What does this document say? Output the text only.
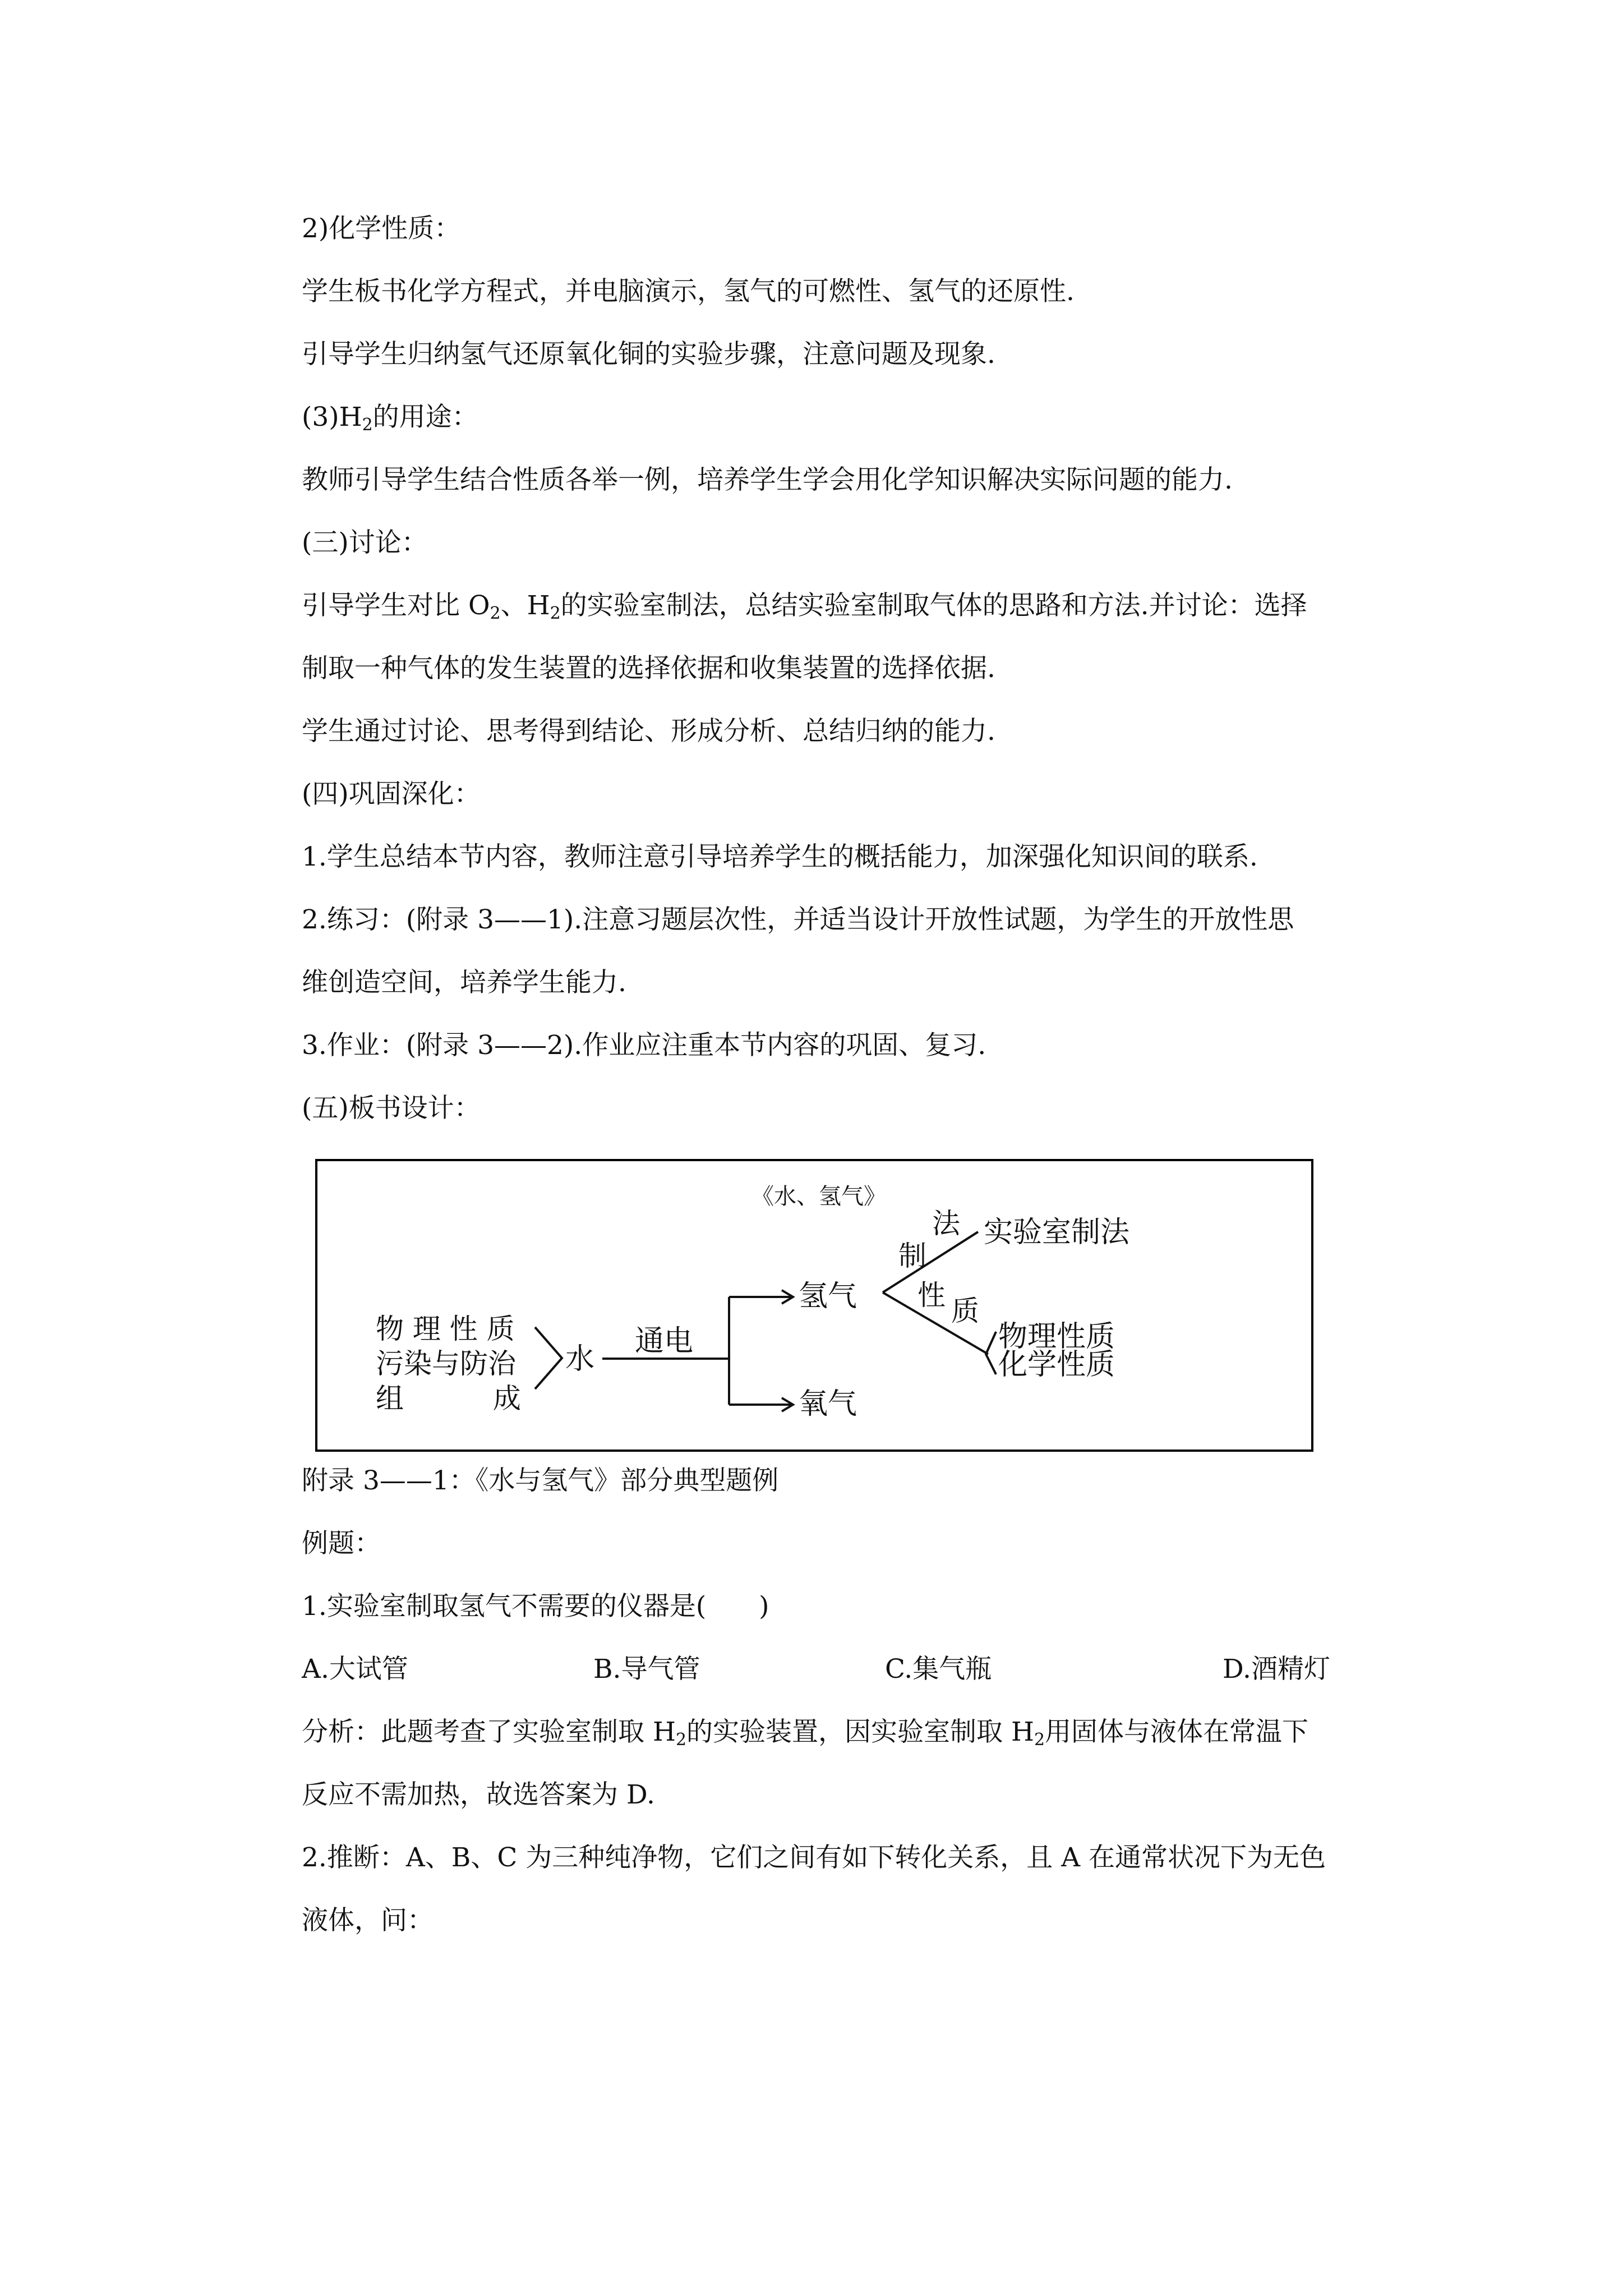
2)化学性质：
学生板书化学方程式，并电脑演示，氢气的可燃性、氢气的还原性.
引导学生归纳氢气还原氧化铜的实验步骤，注意问题及现象.
$(3)H_2$的用途：
教师引导学生结合性质各举一例，培养学生学会用化学知识解决实际问题的能力.
(三)讨论：
引导学生对比 $O_2$、$H_2$的实验室制法，总结实验室制取气体的思路和方法.并讨论：选择
制取一种气体的发生装置的选择依据和收集装置的选择依据.
学生通过讨论、思考得到结论、形成分析、总结归纳的能力.
(四)巩固深化：
1.学生总结本节内容，教师注意引导培养学生的概括能力，加深强化知识间的联系.
2.练习：(附录 3——1).注意习题层次性，并适当设计开放性试题，为学生的开放性思
维创造空间，培养学生能力.
3.作业：(附录 3——2).作业应注重本节内容的巩固、复习.
(五)板书设计：
《水、氢气》
物 理 性 质
污染与防治
组          成
水
通电
氢气
氧气
制
法 实验室制法
性 质
物理性质
化学性质
附录 3——1：《水与氢气》部分典型题例
例题：
1.实验室制取氢气不需要的仪器是(　　)
A.大试管	B.导气管	C.集气瓶	D.酒精灯
分析：此题考查了实验室制取 $H_2$的实验装置，因实验室制取 $H_2$用固体与液体在常温下
反应不需加热，故选答案为 D.
2.推断：A、B、C 为三种纯净物，它们之间有如下转化关系，且 A 在通常状况下为无色
液体，问：
